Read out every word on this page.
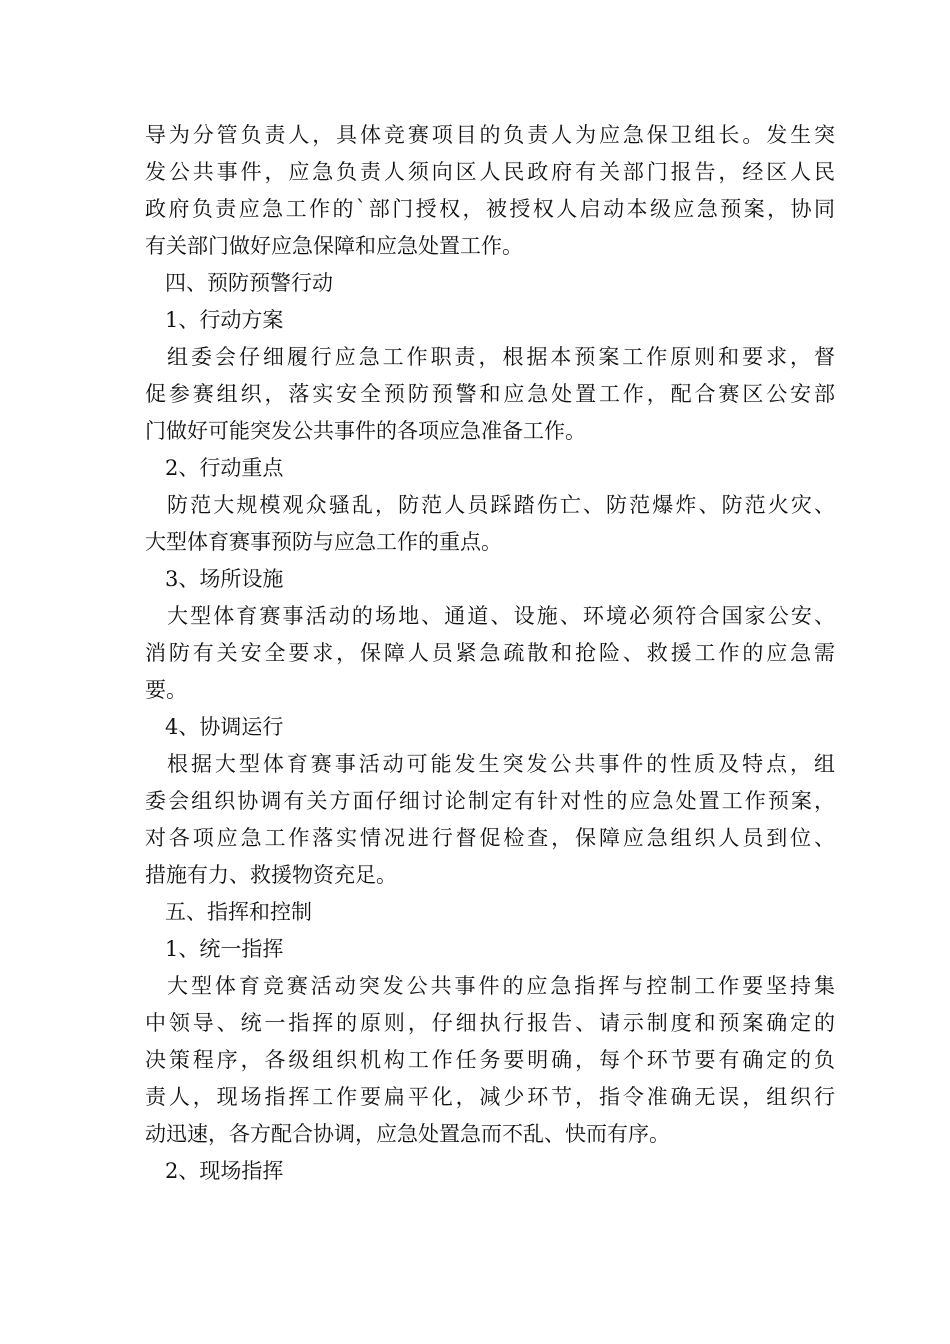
导为分管负责人，具体竞赛项目的负责人为应急保卫组长。发生突
发公共事件，应急负责人须向区人民政府有关部门报告，经区人民
政府负责应急工作的`部门授权，被授权人启动本级应急预案，协同
有关部门做好应急保障和应急处置工作。
四、预防预警行动
1、行动方案
组委会仔细履行应急工作职责，根据本预案工作原则和要求，督
促参赛组织，落实安全预防预警和应急处置工作，配合赛区公安部
门做好可能突发公共事件的各项应急准备工作。
2、行动重点
防范大规模观众骚乱，防范人员踩踏伤亡、防范爆炸、防范火灾、
大型体育赛事预防与应急工作的重点。
3、场所设施
大型体育赛事活动的场地、通道、设施、环境必须符合国家公安、
消防有关安全要求，保障人员紧急疏散和抢险、救援工作的应急需
要。
4、协调运行
根据大型体育赛事活动可能发生突发公共事件的性质及特点，组
委会组织协调有关方面仔细讨论制定有针对性的应急处置工作预案，
对各项应急工作落实情况进行督促检查，保障应急组织人员到位、
措施有力、救援物资充足。
五、指挥和控制
1、统一指挥
大型体育竞赛活动突发公共事件的应急指挥与控制工作要坚持集
中领导、统一指挥的原则，仔细执行报告、请示制度和预案确定的
决策程序，各级组织机构工作任务要明确，每个环节要有确定的负
责人，现场指挥工作要扁平化，减少环节，指令准确无误，组织行
动迅速，各方配合协调，应急处置急而不乱、快而有序。
2、现场指挥
